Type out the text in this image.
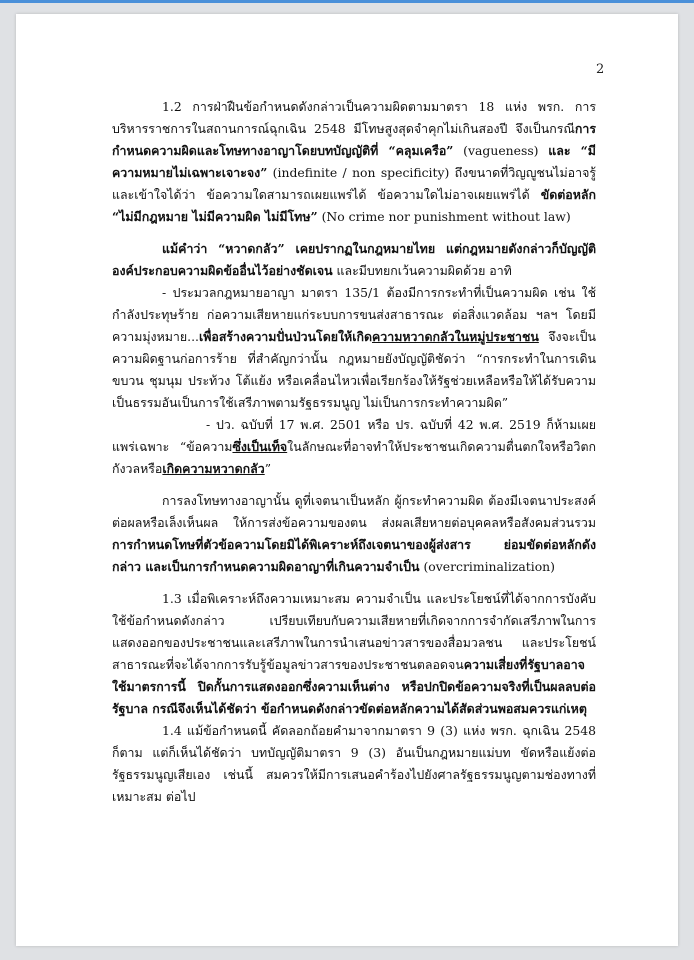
2

1.2 การฝ่าฝืนข้อกำหนดดังกล่าวเป็นความผิดตามมาตรา 18 แห่ง พรก. การบริหารราชการในสถานการณ์ฉุกเฉิน 2548 มีโทษสูงสุดจำคุกไม่เกินสองปี จึงเป็นกรณีการกำหนดความผิดและโทษทางอาญาโดยบทบัญญัติที่ “คลุมเครือ” (vagueness) และ “มีความหมายไม่เฉพาะเจาะจง” (indefinite / non specificity) ถึงขนาดที่วิญญูชนไม่อาจรู้และเข้าใจได้ว่า ข้อความใดสามารถเผยแพร่ได้ ข้อความใดไม่อาจเผยแพร่ได้ ขัดต่อหลัก “ไม่มีกฎหมาย ไม่มีความผิด ไม่มีโทษ” (No crime nor punishment without law)

แม้คำว่า “หวาดกลัว” เคยปรากฏในกฎหมายไทย แต่กฎหมายดังกล่าวก็บัญญัติองค์ประกอบความผิดข้ออื่นไว้อย่างชัดเจน และมีบทยกเว้นความผิดด้วย อาทิ

- ประมวลกฎหมายอาญา มาตรา 135/1 ต้องมีการกระทำที่เป็นความผิด เช่น ใช้กำลังประทุษร้าย ก่อความเสียหายแก่ระบบการขนส่งสาธารณะ ต่อสิ่งแวดล้อม ฯลฯ โดยมีความมุ่งหมาย...เพื่อสร้างความปั่นป่วนโดยให้เกิดความหวาดกลัวในหมู่ประชาชน จึงจะเป็นความผิดฐานก่อการร้าย ที่สำคัญกว่านั้น กฎหมายยังบัญญัติชัดว่า “การกระทำในการเดินขบวน ชุมนุม ประท้วง โต้แย้ง หรือเคลื่อนไหวเพื่อเรียกร้องให้รัฐช่วยเหลือหรือให้ได้รับความเป็นธรรมอันเป็นการใช้เสรีภาพตามรัฐธรรมนูญ ไม่เป็นการกระทำความผิด”

- ปว. ฉบับที่ 17 พ.ศ. 2501 หรือ ปร. ฉบับที่ 42 พ.ศ. 2519 ก็ห้ามเผยแพร่เฉพาะ “ข้อความซึ่งเป็นเท็จในลักษณะที่อาจทำให้ประชาชนเกิดความตื่นตกใจหรือวิตกกังวลหรือเกิดความหวาดกลัว”

การลงโทษทางอาญานั้น ดูที่เจตนาเป็นหลัก ผู้กระทำความผิด ต้องมีเจตนาประสงค์ต่อผลหรือเล็งเห็นผล ให้การส่งข้อความของตน ส่งผลเสียหายต่อบุคคลหรือสังคมส่วนรวม การกำหนดโทษที่ตัวข้อความโดยมิได้พิเคราะห์ถึงเจตนาของผู้ส่งสาร ย่อมขัดต่อหลักดังกล่าว และเป็นการกำหนดความผิดอาญาที่เกินความจำเป็น (overcriminalization)

1.3 เมื่อพิเคราะห์ถึงความเหมาะสม ความจำเป็น และประโยชน์ที่ได้จากการบังคับใช้ข้อกำหนดดังกล่าว เปรียบเทียบกับความเสียหายที่เกิดจากการจำกัดเสรีภาพในการแสดงออกของประชาชนและเสรีภาพในการนำเสนอข่าวสารของสื่อมวลชน และประโยชน์สาธารณะที่จะได้จากการรับรู้ข้อมูลข่าวสารของประชาชนตลอดจนความเสี่ยงที่รัฐบาลอาจใช้มาตรการนี้ ปิดกั้นการแสดงออกซึ่งความเห็นต่าง หรือปกปิดข้อความจริงที่เป็นผลลบต่อรัฐบาล กรณีจึงเห็นได้ชัดว่า ข้อกำหนดดังกล่าวขัดต่อหลักความได้สัดส่วนพอสมควรแก่เหตุ

1.4 แม้ข้อกำหนดนี้ คัดลอกถ้อยคำมาจากมาตรา 9 (3) แห่ง พรก. ฉุกเฉิน 2548 ก็ตาม แต่ก็เห็นได้ชัดว่า บทบัญญัติมาตรา 9 (3) อันเป็นกฎหมายแม่บท ขัดหรือแย้งต่อรัฐธรรมนูญเสียเอง เช่นนี้ สมควรให้มีการเสนอคำร้องไปยังศาลรัฐธรรมนูญตามช่องทางที่เหมาะสม ต่อไป
